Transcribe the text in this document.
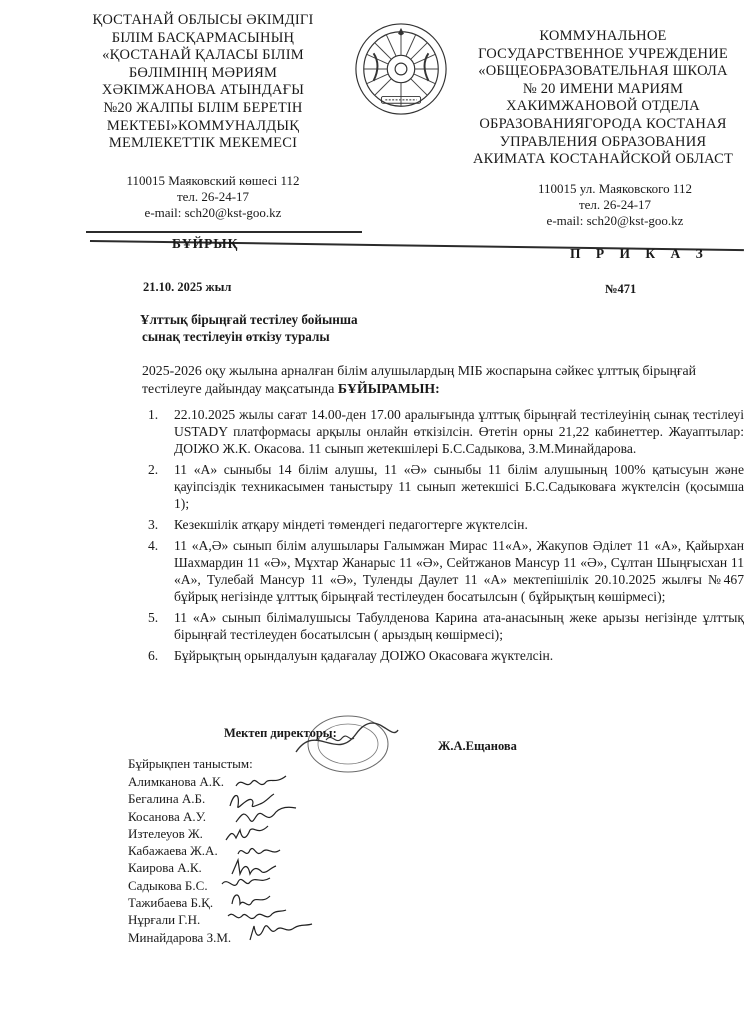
ҚОСТАНАЙ ОБЛЫСЫ ӘКІМДІГІ
БІЛІМ БАСҚАРМАСЫНЫҢ
«ҚОСТАНАЙ ҚАЛАСЫ БІЛІМ
БӨЛІМІНІҢ МӘРИЯМ
ХӘКІМЖАНОВА АТЫНДАҒЫ
№20 ЖАЛПЫ БІЛІМ БЕРЕТІН
МЕКТЕБІ»КОММУНАЛДЫҚ
МЕМЛЕКЕТТІК МЕКЕМЕСІ
КОММУНАЛЬНОЕ
ГОСУДАРСТВЕННОЕ УЧРЕЖДЕНИЕ
«ОБЩЕОБРАЗОВАТЕЛЬНАЯ ШКОЛА
№ 20 ИМЕНИ МАРИЯМ
ХАКИМЖАНОВОЙ ОТДЕЛА
ОБРАЗОВАНИЯГОРОДА КОСТАНАЯ
УПРАВЛЕНИЯ ОБРАЗОВАНИЯ
АКИМАТА КОСТАНАЙСКОЙ ОБЛАСТ
110015 Маяковский көшесі 112
тел. 26-24-17
e-mail: sch20@kst-goo.kz
110015 ул. Маяковского 112
тел. 26-24-17
e-mail: sch20@kst-goo.kz
БҰЙРЫҚ
П Р И К А З
21.10. 2025 жыл	№471
Ұлттық бірыңғай тестілеу бойынша
сынақ тестілеуін өткізу туралы
2025-2026 оқу жылына арналған білім алушылардың МІБ жоспарына сәйкес ұлттық бірыңғай
тестілеуге дайындау мақсатында БҰЙЫРАМЫН:
1. 22.10.2025 жылы сағат 14.00-ден 17.00 аралығында ұлттық бірыңғай тестілеуінің сынақ тестілеуі USTADY платформасы арқылы онлайн өткізілсін. Өтетін орны 21,22 кабинеттер. Жауаптылар: ДОІЖО Ж.К. Окасова. 11 сынып жетекшілері Б.С.Садыкова, З.М.Минайдарова.
2. 11 «А» сыныбы 14 білім алушы, 11 «Ә» сыныбы 11 білім алушының 100% қатысуын және қауіпсіздік техникасымен таныстыру 11 сынып жетекшісі Б.С.Садыковаға жүктелсін (қосымша 1);
3. Кезекшілік атқару міндеті төмендегі педагогтерге жүктелсін.
4. 11 «А,Ә» сынып білім алушылары Галымжан Мирас 11«А», Жакупов Әділет 11 «А», Қайырхан Шахмардин 11 «Ә», Мұхтар Жанарыс 11 «Ә», Сейтжанов Мансур 11 «Ә», Сұлтан Шыңғысхан 11 «А», Тулебай Мансур 11 «Ә», Туленды Даулет 11 «А» мектепішілік 20.10.2025 жылғы №467 бұйрық негізінде ұлттық бірыңғай тестілеуден босатылсын ( бұйрықтың көшірмесі);
5. 11 «А» сынып білімалушысы Табулденова Карина ата-анасының жеке арызы негізінде ұлттық бірыңғай тестілеуден босатылсын ( арыздың көшірмесі);
6. Бұйрықтың орындалуын қадағалау ДОІЖО Окасоваға жүктелсін.
Мектеп директоры:
Ж.А.Ещанова
Бұйрықпен таныстым:
Алимканова А.К.
Бегалина А.Б.
Косанова А.У.
Изтелеуов Ж.
Кабажаева Ж.А.
Каирова А.К.
Садыкова Б.С.
Тажибаева Б.Қ.
Нұрғали Г.Н.
Минайдарова З.М.
